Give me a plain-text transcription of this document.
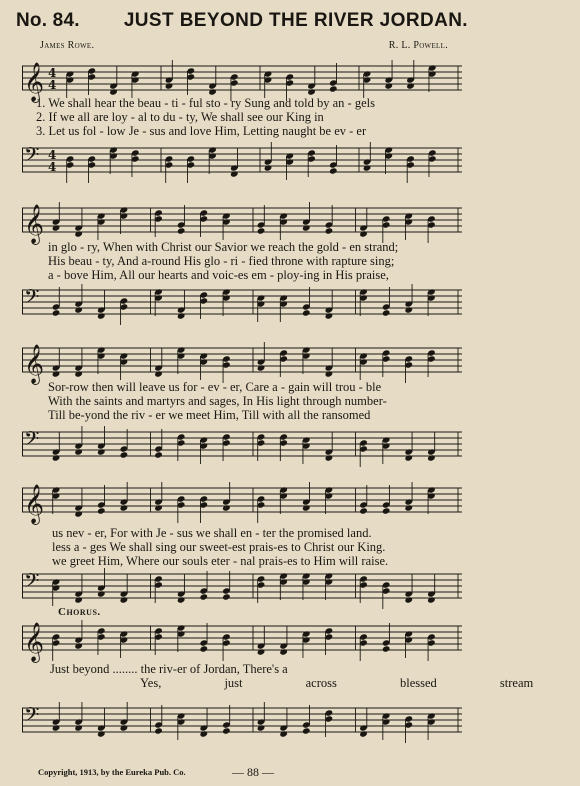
No. 84. JUST BEYOND THE RIVER JORDAN.
James Rowe.	R. L. Powell.
𝄞 4
4
1. We shall hear the beau - ti - ful sto - ry Sung and told by an - gels
2. If we all are loy - al to du - ty, We shall see our King in
3. Let us fol - low Je - sus and love Him, Letting naught be ev - er
𝄢 4
4
𝄞
in glo - ry, When with Christ our Savior we reach the gold - en strand;
His beau - ty, And a-round His glo - ri - fied throne with rapture sing;
a - bove Him, All our hearts and voic-es em - ploy-ing in His praise,
𝄢
𝄞
Sor-row then will leave us for - ev - er, Care a - gain will trou - ble
With the saints and martyrs and sages, In His light through number-
Till be-yond the riv - er we meet Him, Till with all the ransomed
𝄢
𝄞
us nev - er, For with Je - sus we shall en - ter the promised land.
less a - ges We shall sing our sweet-est prais-es to Christ our King.
we greet Him, Where our souls eter - nal prais-es to Him will raise.
𝄢
Chorus.
𝄞
Just beyond ........ the riv-er of Jordan, There's a
Yes, just across blessed stream
𝄢
Copyright, 1913, by the Eureka Pub. Co.	— 88 —
